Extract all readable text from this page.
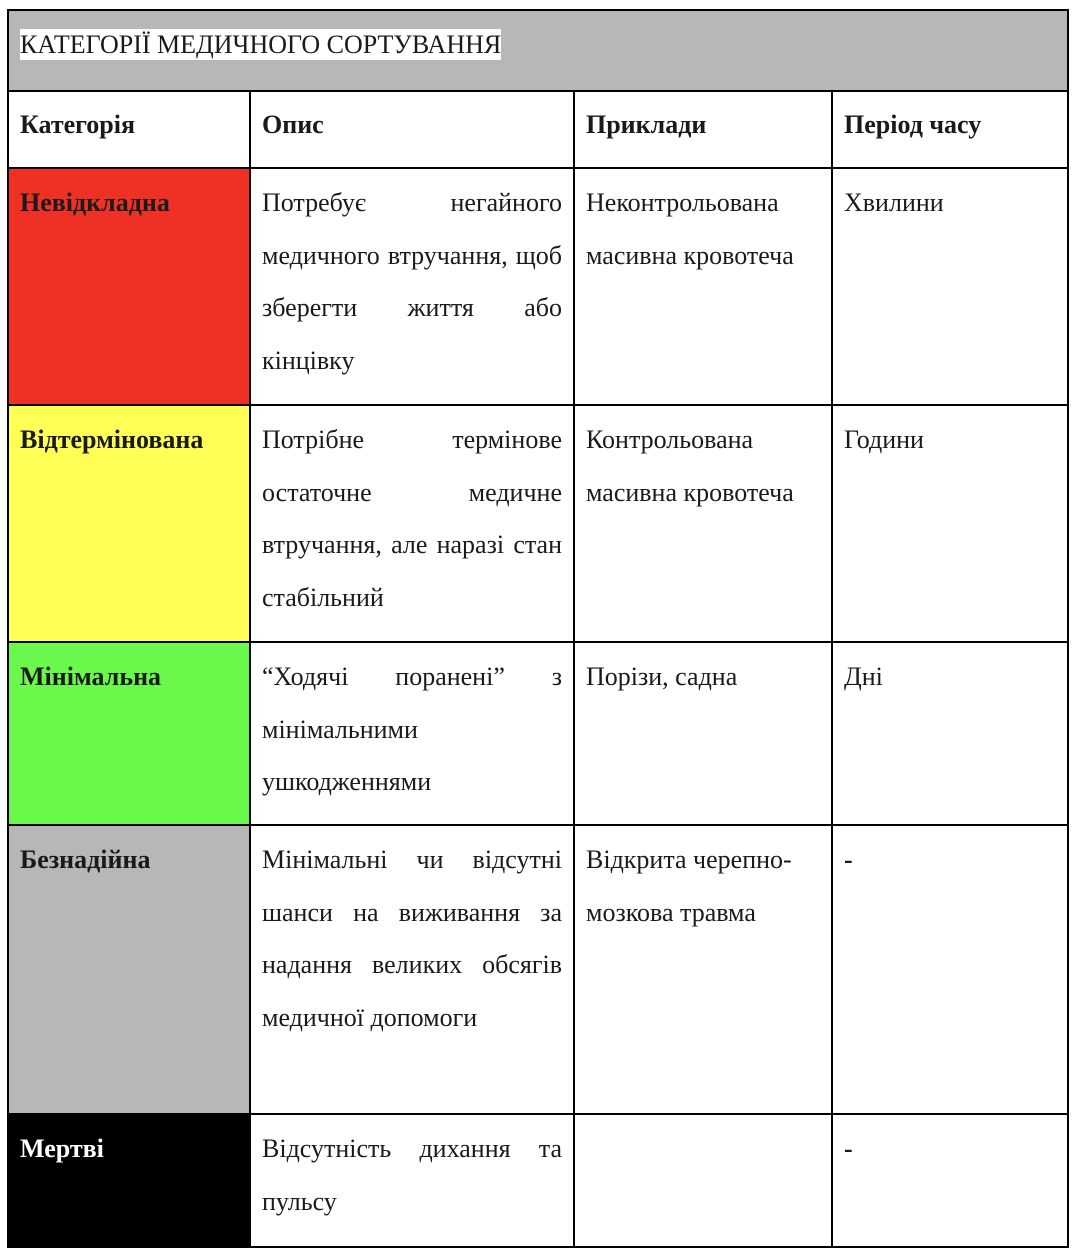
КАТЕГОРІЇ МЕДИЧНОГО СОРТУВАННЯ			
Категорія	Опис	Приклади	Період часу
Невідкладна	Потребує негайного медичного втручання, щоб зберегти життя або кінцівку	Неконтрольована масивна кровотеча	Хвилини
Відтермінована	Потрібне термінове остаточне медичне втручання, але наразі стан стабільний	Контрольована масивна кровотеча	Години
Мінімальна	“Ходячі поранені” з мінімальними ушкодженнями	Порізи, садна	Дні
Безнадійна	Мінімальні чи відсутні шанси на виживання за надання великих обсягів медичної допомоги	Відкрита черепно-мозкова травма	-
Мертві	Відсутність дихання та пульсу		-
